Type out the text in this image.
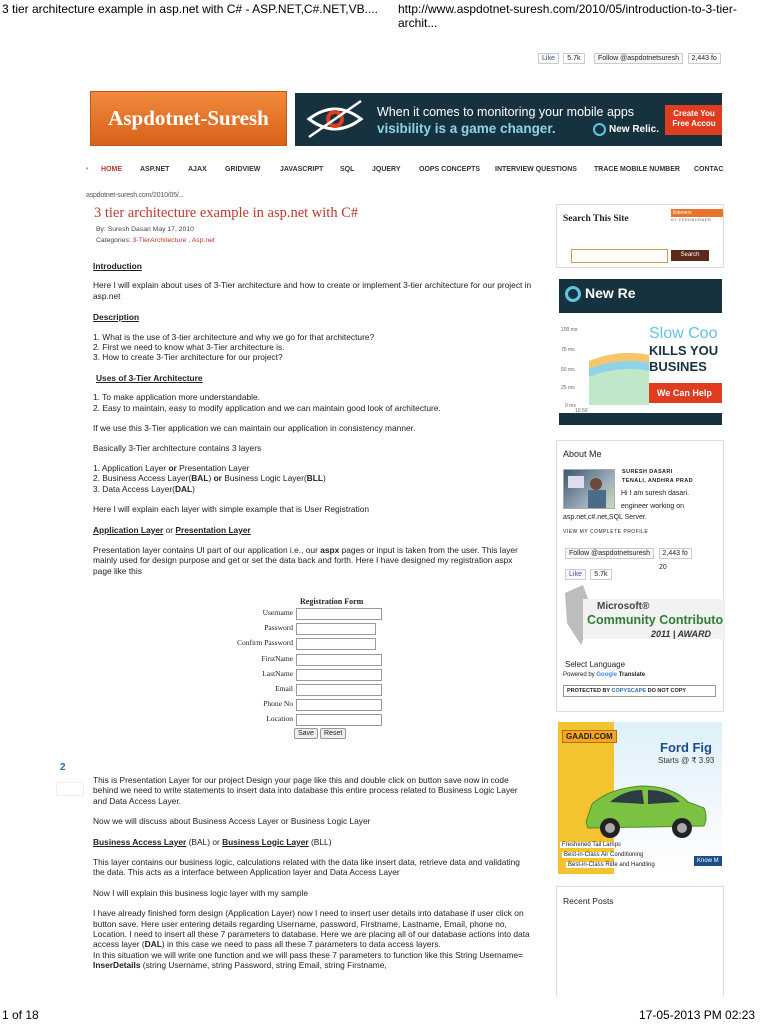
3 tier architecture example in asp.net with C# - ASP.NET,C#.NET,VB.... http://www.aspdotnet-suresh.com/2010/05/introduction-to-3-tier-archit...
Like 5.7k	Follow @aspdotnetsuresh 2,443 fo
Aspdotnet-Suresh	When it comes to monitoring your mobile apps
visibility is a game changer.	New Relic.
Create You Free Accou
• HOME	ASP.NET	AJAX	GRIDVIEW	JAVASCRIPT SQL	JQUERY	OOPS CONCEPTS INTERVIEW QUESTIONS TRACE MOBILE NUMBER CONTAC
aspdotnet-suresh.com/2010/05/...
3 tier architecture example in asp.net with C#
By: Suresh Dasari May 17, 2010
Categories: 3-TierArchitecture , Asp.net

Introduction

Here I will explain about uses of 3-Tier architecture and how to create or implement 3-tier architecture for our project in asp.net

Description

1. What is the use of 3-tier architecture and why we go for that architecture?

2. First we need to know what 3-Tier architecture is.

3. How to create 3-Tier architecture for our project?

Uses of 3-Tier Architecture

1. To make application more understandable.

2. Easy to maintain, easy to modify application and we can maintain good look of architecture.

If we use this 3-Tier application we can maintain our application in consistency manner.

Basically 3-Tier architecture contains 3 layers

1. Application Layer or Presentation Layer

2. Business Access Layer(BAL) or Business Logic Layer(BLL)

3. Data Access Layer(DAL)

Here I will explain each layer with simple example that is User Registration

Application Layer or Presentation Layer

Presentation layer contains UI part of our application i.e., our aspx pages or input is taken from the user. This layer mainly used for design purpose and get or set the data back and forth. Here I have designed my registration aspx page like this

Registration Form
Username
Password
Confirm Password
FirstName
LastName
Email
Phone No
Location
Save	Reset
2

This is Presentation Layer for our project Design your page like this and double click on button save now in code behind we need to write statements to insert data into database this entire process related to Business Logic Layer and Data Access Layer.

Now we will discuss about Business Access Layer or Business Logic Layer

Business Access Layer (BAL) or Business Logic Layer (BLL)

This layer contains our business logic, calculations related with the data like insert data, retrieve data and validating the data. This acts as a interface between Application layer and Data Access Layer

Now I will explain this business logic layer with my sample

I have already finished form design (Application Layer) now I need to insert user details into database if user click on button save. Here user entering details regarding Username, password, Firstname, Lastname, Email, phone no, Location. I need to insert all these 7 parameters to database. Here we are placing all of our database actions into data access layer (DAL) in this case we need to pass all these 7 parameters to data access layers.
In this situation we will write one function and we will pass these 7 parameters to function like this String Username= InserDetails (string Username, string Password, string Email, string Firstname,

Search This Site
listeners
BY FEEDBURNER
Search
New Re
100 ms
75 ms
50 ms
25 ms
0 ms
10:50
Slow Coo
KILLS YOU
BUSINES
We Can Help
About Me
SURESH DASARI
TENALI, ANDHRA PRAD
Hi I am suresh dasari.
engineer working on
asp.net,c#.net,SQL Server.
VIEW MY COMPLETE PROFILE
Follow @aspdotnetsuresh 2,443 fo
Like 5.7k
20
Microsoft®
Community Contributo
2011 | AWARD
Select Language
Powered by Google Translate
PROTECTED BY COPYSCAPE DO NOT COPY
GAADI.COM
Ford Fig
Starts @ ₹ 3.93
Freshened Tail Lamps
Best-in-Class Air Conditioning
Best-in-Class Ride and Handling
Know M
Recent Posts
1 of 18	17-05-2013 PM 02:23
